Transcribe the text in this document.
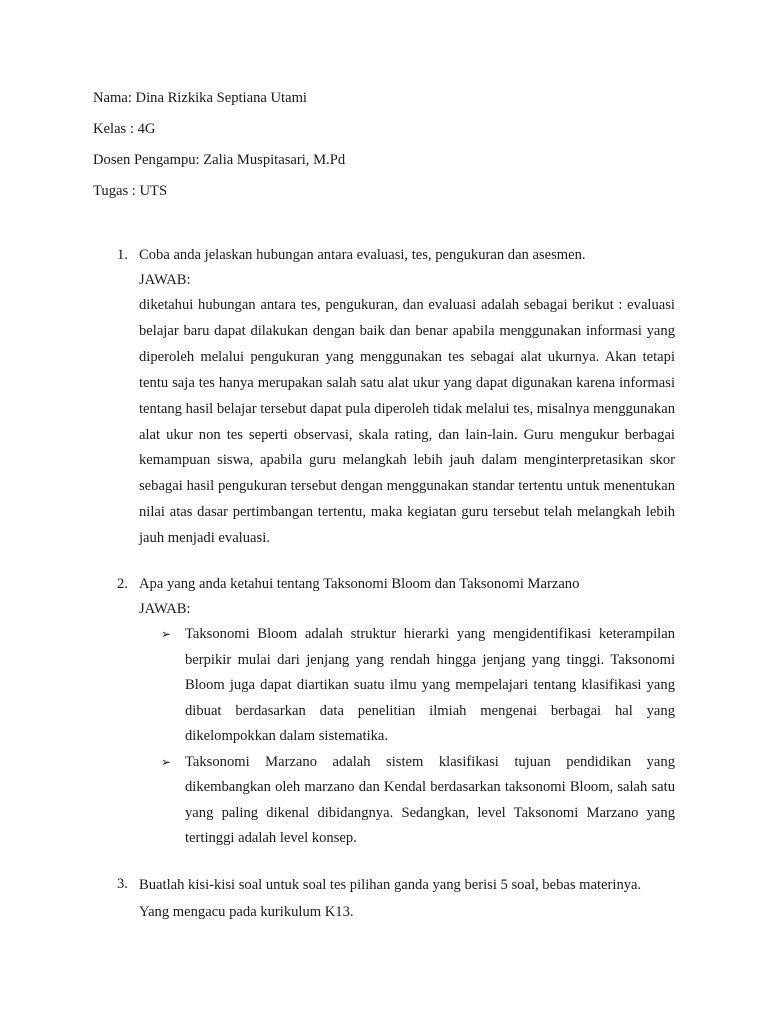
Nama: Dina Rizkika Septiana Utami
Kelas : 4G
Dosen Pengampu: Zalia Muspitasari, M.Pd
Tugas : UTS
1. Coba anda jelaskan hubungan antara evaluasi, tes, pengukuran dan asesmen.
JAWAB:
diketahui hubungan antara tes, pengukuran, dan evaluasi adalah sebagai berikut : evaluasi belajar baru dapat dilakukan dengan baik dan benar apabila menggunakan informasi yang diperoleh melalui pengukuran yang menggunakan tes sebagai alat ukurnya. Akan tetapi tentu saja tes hanya merupakan salah satu alat ukur yang dapat digunakan karena informasi tentang hasil belajar tersebut dapat pula diperoleh tidak melalui tes, misalnya menggunakan alat ukur non tes seperti observasi, skala rating, dan lain-lain. Guru mengukur berbagai kemampuan siswa, apabila guru melangkah lebih jauh dalam menginterpretasikan skor sebagai hasil pengukuran tersebut dengan menggunakan standar tertentu untuk menentukan nilai atas dasar pertimbangan tertentu, maka kegiatan guru tersebut telah melangkah lebih jauh menjadi evaluasi.
2. Apa yang anda ketahui tentang Taksonomi Bloom dan Taksonomi Marzano
JAWAB:
➢ Taksonomi Bloom adalah struktur hierarki yang mengidentifikasi keterampilan berpikir mulai dari jenjang yang rendah hingga jenjang yang tinggi. Taksonomi Bloom juga dapat diartikan suatu ilmu yang mempelajari tentang klasifikasi yang dibuat berdasarkan data penelitian ilmiah mengenai berbagai hal yang dikelompokkan dalam sistematika.
➢ Taksonomi Marzano adalah sistem klasifikasi tujuan pendidikan yang dikembangkan oleh marzano dan Kendal berdasarkan taksonomi Bloom, salah satu yang paling dikenal dibidangnya. Sedangkan, level Taksonomi Marzano yang tertinggi adalah level konsep.
3. Buatlah kisi-kisi soal untuk soal tes pilihan ganda yang berisi 5 soal, bebas materinya.
Yang mengacu pada kurikulum K13.
